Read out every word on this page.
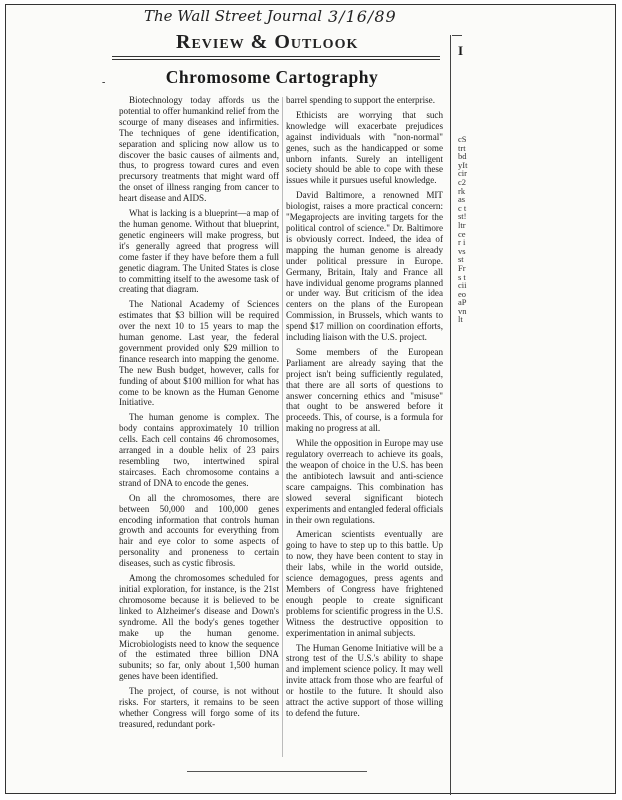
The Wall Street Journal 3/16/89
Review & Outlook
-	Chromosome Cartography

Biotechnology today affords us the potential to offer humankind relief from the scourge of many diseases and infirmities. The techniques of gene identification, separation and splicing now allow us to discover the basic causes of ailments and, thus, to progress toward cures and even precursory treatments that might ward off the onset of illness ranging from cancer to heart disease and AIDS.

What is lacking is a blueprint—a map of the human genome. Without that blueprint, genetic engineers will make progress, but it's generally agreed that progress will come faster if they have before them a full genetic diagram. The United States is close to committing itself to the awesome task of creating that diagram.

The National Academy of Sciences estimates that $3 billion will be required over the next 10 to 15 years to map the human genome. Last year, the federal government provided only $29 million to finance research into mapping the genome. The new Bush budget, however, calls for funding of about $100 million for what has come to be known as the Human Genome Initiative.

The human genome is complex. The body contains approximately 10 trillion cells. Each cell contains 46 chromosomes, arranged in a double helix of 23 pairs resembling two, intertwined spiral staircases. Each chromosome contains a strand of DNA to encode the genes.

On all the chromosomes, there are between 50,000 and 100,000 genes encoding information that controls human growth and accounts for everything from hair and eye color to some aspects of personality and proneness to certain diseases, such as cystic fibrosis.

Among the chromosomes scheduled for initial exploration, for instance, is the 21st chromosome because it is believed to be linked to Alzheimer's disease and Down's syndrome. All the body's genes together make up the human genome. Microbiologists need to know the sequence of the estimated three billion DNA subunits; so far, only about 1,500 human genes have been identified.

The project, of course, is not without risks. For starters, it remains to be seen whether Congress will forgo some of its treasured, redundant pork-

barrel spending to support the enterprise.

Ethicists are worrying that such knowledge will exacerbate prejudices against individuals with "non-normal" genes, such as the handicapped or some unborn infants. Surely an intelligent society should be able to cope with these issues while it pursues useful knowledge.

David Baltimore, a renowned MIT biologist, raises a more practical concern: "Megaprojects are inviting targets for the political control of science." Dr. Baltimore is obviously correct. Indeed, the idea of mapping the human genome is already under political pressure in Europe. Germany, Britain, Italy and France all have individual genome programs planned or under way. But criticism of the idea centers on the plans of the European Commission, in Brussels, which wants to spend $17 million on coordination efforts, including liaison with the U.S. project.

Some members of the European Parliament are already saying that the project isn't being sufficiently regulated, that there are all sorts of questions to answer concerning ethics and "misuse" that ought to be answered before it proceeds. This, of course, is a formula for making no progress at all.

While the opposition in Europe may use regulatory overreach to achieve its goals, the weapon of choice in the U.S. has been the antibiotech lawsuit and anti-science scare campaigns. This combination has slowed several significant biotech experiments and entangled federal officials in their own regulations.

American scientists eventually are going to have to step up to this battle. Up to now, they have been content to stay in their labs, while in the world outside, science demagogues, press agents and Members of Congress have frightened enough people to create significant problems for scientific progress in the U.S. Witness the destructive opposition to experimentation in animal subjects.

The Human Genome Initiative will be a strong test of the U.S.'s ability to shape and implement science policy. It may well invite attack from those who are fearful of or hostile to the future. It should also attract the active support of those willing to defend the future.

I
cStrtbdyIt circ2rkasc tst!ltrcer ivsstFrs tciieoaPvnlt
